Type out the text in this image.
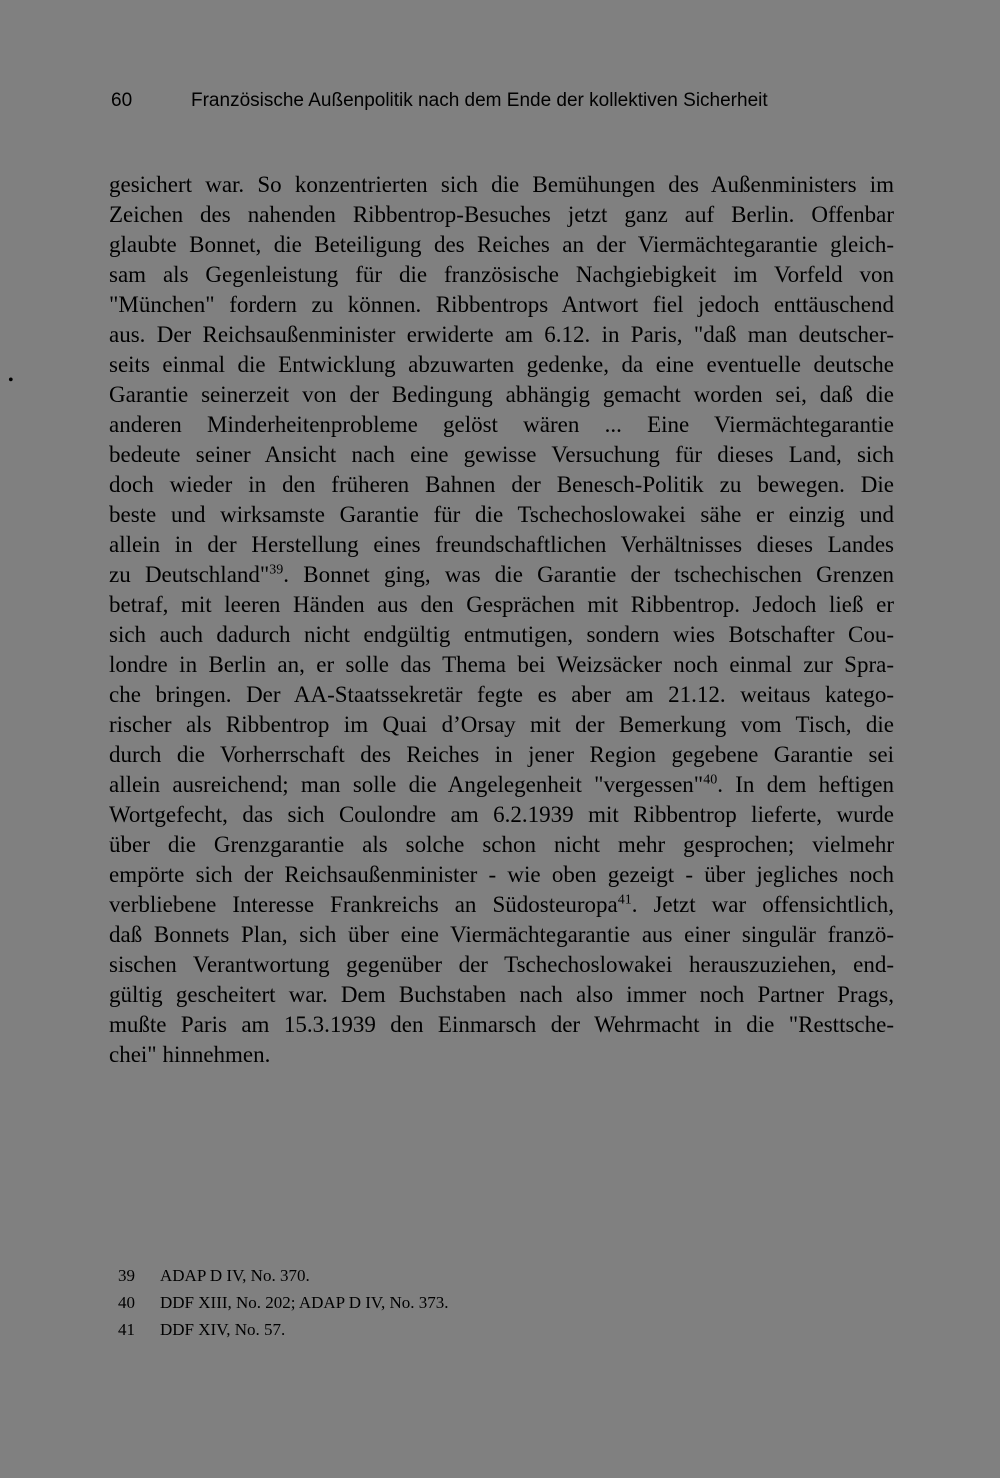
60	Französische Außenpolitik nach dem Ende der kollektiven Sicherheit
•
gesichert war. So konzentrierten sich die Bemühungen des Außenministers im
Zeichen des nahenden Ribbentrop-Besuches jetzt ganz auf Berlin. Offenbar
glaubte Bonnet, die Beteiligung des Reiches an der Viermächtegarantie gleich-
sam als Gegenleistung für die französische Nachgiebigkeit im Vorfeld von
"München" fordern zu können. Ribbentrops Antwort fiel jedoch enttäuschend
aus. Der Reichsaußenminister erwiderte am 6.12. in Paris, "daß man deutscher-
seits einmal die Entwicklung abzuwarten gedenke, da eine eventuelle deutsche
Garantie seinerzeit von der Bedingung abhängig gemacht worden sei, daß die
anderen Minderheitenprobleme gelöst wären ... Eine Viermächtegarantie
bedeute seiner Ansicht nach eine gewisse Versuchung für dieses Land, sich
doch wieder in den früheren Bahnen der Benesch-Politik zu bewegen. Die
beste und wirksamste Garantie für die Tschechoslowakei sähe er einzig und
allein in der Herstellung eines freundschaftlichen Verhältnisses dieses Landes
zu Deutschland"$^{39}$. Bonnet ging, was die Garantie der tschechischen Grenzen
betraf, mit leeren Händen aus den Gesprächen mit Ribbentrop. Jedoch ließ er
sich auch dadurch nicht endgültig entmutigen, sondern wies Botschafter Cou-
londre in Berlin an, er solle das Thema bei Weizsäcker noch einmal zur Spra-
che bringen. Der AA-Staatssekretär fegte es aber am 21.12. weitaus katego-
rischer als Ribbentrop im Quai d’Orsay mit der Bemerkung vom Tisch, die
durch die Vorherrschaft des Reiches in jener Region gegebene Garantie sei
allein ausreichend; man solle die Angelegenheit "vergessen"$^{40}$. In dem heftigen
Wortgefecht, das sich Coulondre am 6.2.1939 mit Ribbentrop lieferte, wurde
über die Grenzgarantie als solche schon nicht mehr gesprochen; vielmehr
empörte sich der Reichsaußenminister - wie oben gezeigt - über jegliches noch
verbliebene Interesse Frankreichs an Südosteuropa$^{41}$. Jetzt war offensichtlich,
daß Bonnets Plan, sich über eine Viermächtegarantie aus einer singulär franzö-
sischen Verantwortung gegenüber der Tschechoslowakei herauszuziehen, end-
gültig gescheitert war. Dem Buchstaben nach also immer noch Partner Prags,
mußte Paris am 15.3.1939 den Einmarsch der Wehrmacht in die "Resttsche-
chei" hinnehmen.
39 ADAP D IV, No. 370.
40 DDF XIII, No. 202; ADAP D IV, No. 373.
41 DDF XIV, No. 57.
